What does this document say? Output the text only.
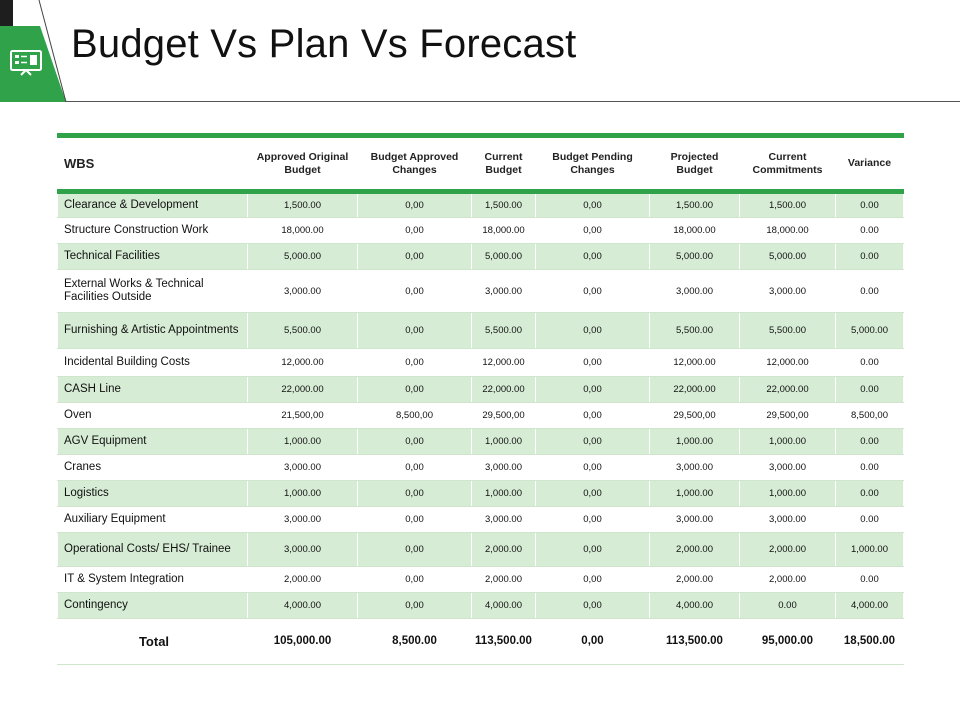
Budget Vs Plan Vs Forecast
WBS	Approved Original Budget	Budget Approved Changes	Current Budget	Budget Pending Changes	Projected Budget	Current Commitments	Variance
Clearance & Development	1,500.00	0,00	1,500.00	0,00	1,500.00	1,500.00	0.00
Structure Construction Work	18,000.00	0,00	18,000.00	0,00	18,000.00	18,000.00	0.00
Technical Facilities	5,000.00	0,00	5,000.00	0,00	5,000.00	5,000.00	0.00
External Works & Technical Facilities Outside	3,000.00	0,00	3,000.00	0,00	3,000.00	3,000.00	0.00
Furnishing & Artistic Appointments	5,500.00	0,00	5,500.00	0,00	5,500.00	5,500.00	5,000.00
Incidental Building Costs	12,000.00	0,00	12,000.00	0,00	12,000.00	12,000.00	0.00
CASH Line	22,000.00	0,00	22,000.00	0,00	22,000.00	22,000.00	0.00
Oven	21,500,00	8,500,00	29,500,00	0,00	29,500,00	29,500,00	8,500,00
AGV Equipment	1,000.00	0,00	1,000.00	0,00	1,000.00	1,000.00	0.00
Cranes	3,000.00	0,00	3,000.00	0,00	3,000.00	3,000.00	0.00
Logistics	1,000.00	0,00	1,000.00	0,00	1,000.00	1,000.00	0.00
Auxiliary Equipment	3,000.00	0,00	3,000.00	0,00	3,000.00	3,000.00	0.00
Operational Costs/ EHS/ Trainee	3,000.00	0,00	2,000.00	0,00	2,000.00	2,000.00	1,000.00
IT & System Integration	2,000.00	0,00	2,000.00	0,00	2,000.00	2,000.00	0.00
Contingency	4,000.00	0,00	4,000.00	0,00	4,000.00	0.00	4,000.00
Total	105,000.00	8,500.00	113,500.00	0,00	113,500.00	95,000.00	18,500.00
